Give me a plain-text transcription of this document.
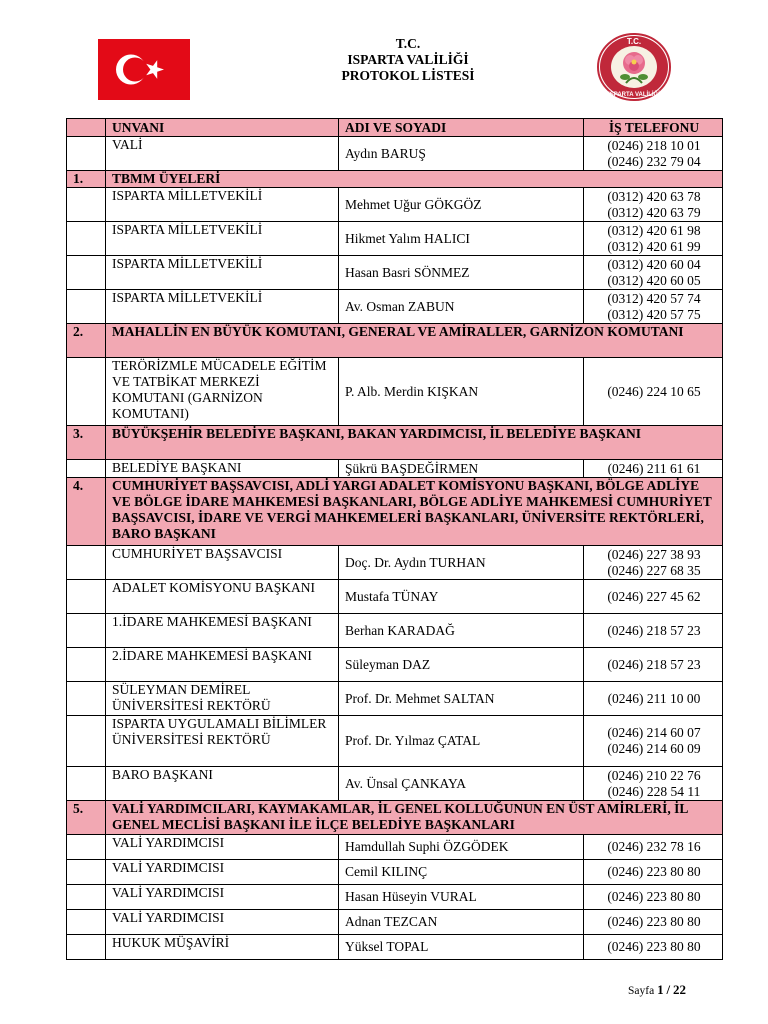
T.C.
ISPARTA VALİLİĞİ
T.C.
ISPARTA VALİLİĞİ
PROTOKOL LİSTESİ
	UNVANI	ADI VE SOYADI	İŞ TELEFONU
	VALİ	Aydın BARUŞ	(0246) 218 10 01
(0246) 232 79 04

1.	TBMM ÜYELERİ		
	ISPARTA MİLLETVEKİLİ	Mehmet Uğur GÖKGÖZ	(0312) 420 63 78
(0312) 420 63 79

	ISPARTA MİLLETVEKİLİ	Hikmet Yalım HALICI	(0312) 420 61 98
(0312) 420 61 99

	ISPARTA MİLLETVEKİLİ	Hasan Basri SÖNMEZ	(0312) 420 60 04
(0312) 420 60 05

	ISPARTA MİLLETVEKİLİ	Av. Osman ZABUN	(0312) 420 57 74
(0312) 420 57 75

2.	MAHALLİN EN BÜYÜK KOMUTANI, GENERAL VE AMİRALLER, GARNİZON KOMUTANI		
	TERÖRİZMLE MÜCADELE EĞİTİM VE TATBİKAT MERKEZİ KOMUTANI (GARNİZON KOMUTANI)	P. Alb. Merdin KIŞKAN	(0246) 224 10 65

3.	BÜYÜKŞEHİR BELEDİYE BAŞKANI, BAKAN YARDIMCISI, İL BELEDİYE BAŞKANI		
	BELEDİYE BAŞKANI	Şükrü BAŞDEĞİRMEN	(0246) 211 61 61

4.	CUMHURİYET BAŞSAVCISI, ADLİ YARGI ADALET KOMİSYONU BAŞKANI, BÖLGE ADLİYE VE BÖLGE İDARE MAHKEMESİ BAŞKANLARI, BÖLGE ADLİYE MAHKEMESİ CUMHURİYET BAŞSAVCISI, İDARE VE VERGİ MAHKEMELERİ BAŞKANLARI, ÜNİVERSİTE REKTÖRLERİ, BARO BAŞKANI		
	CUMHURİYET BAŞSAVCISI	Doç. Dr. Aydın TURHAN	(0246) 227 38 93
(0246) 227 68 35

	ADALET KOMİSYONU BAŞKANI	Mustafa TÜNAY	(0246) 227 45 62

	1.İDARE MAHKEMESİ BAŞKANI	Berhan KARADAĞ	(0246) 218 57 23

	2.İDARE MAHKEMESİ BAŞKANI	Süleyman DAZ	(0246) 218 57 23

	SÜLEYMAN DEMİREL ÜNİVERSİTESİ REKTÖRÜ	Prof. Dr. Mehmet SALTAN	(0246) 211 10 00

	ISPARTA UYGULAMALI BİLİMLER ÜNİVERSİTESİ REKTÖRÜ	Prof. Dr. Yılmaz ÇATAL	(0246) 214 60 07
(0246) 214 60 09

	BARO BAŞKANI	Av. Ünsal ÇANKAYA	(0246) 210 22 76
(0246) 228 54 11

5.	VALİ YARDIMCILARI, KAYMAKAMLAR, İL GENEL KOLLUĞUNUN EN ÜST AMİRLERİ, İL GENEL MECLİSİ BAŞKANI İLE İLÇE BELEDİYE BAŞKANLARI		
	VALİ YARDIMCISI	Hamdullah Suphi ÖZGÖDEK	(0246) 232 78 16

	VALİ YARDIMCISI	Cemil KILINÇ	(0246) 223 80 80

	VALİ YARDIMCISI	Hasan Hüseyin VURAL	(0246) 223 80 80

	VALİ YARDIMCISI	Adnan TEZCAN	(0246) 223 80 80

	HUKUK MÜŞAVİRİ	Yüksel TOPAL	(0246) 223 80 80
Sayfa 1 / 22
